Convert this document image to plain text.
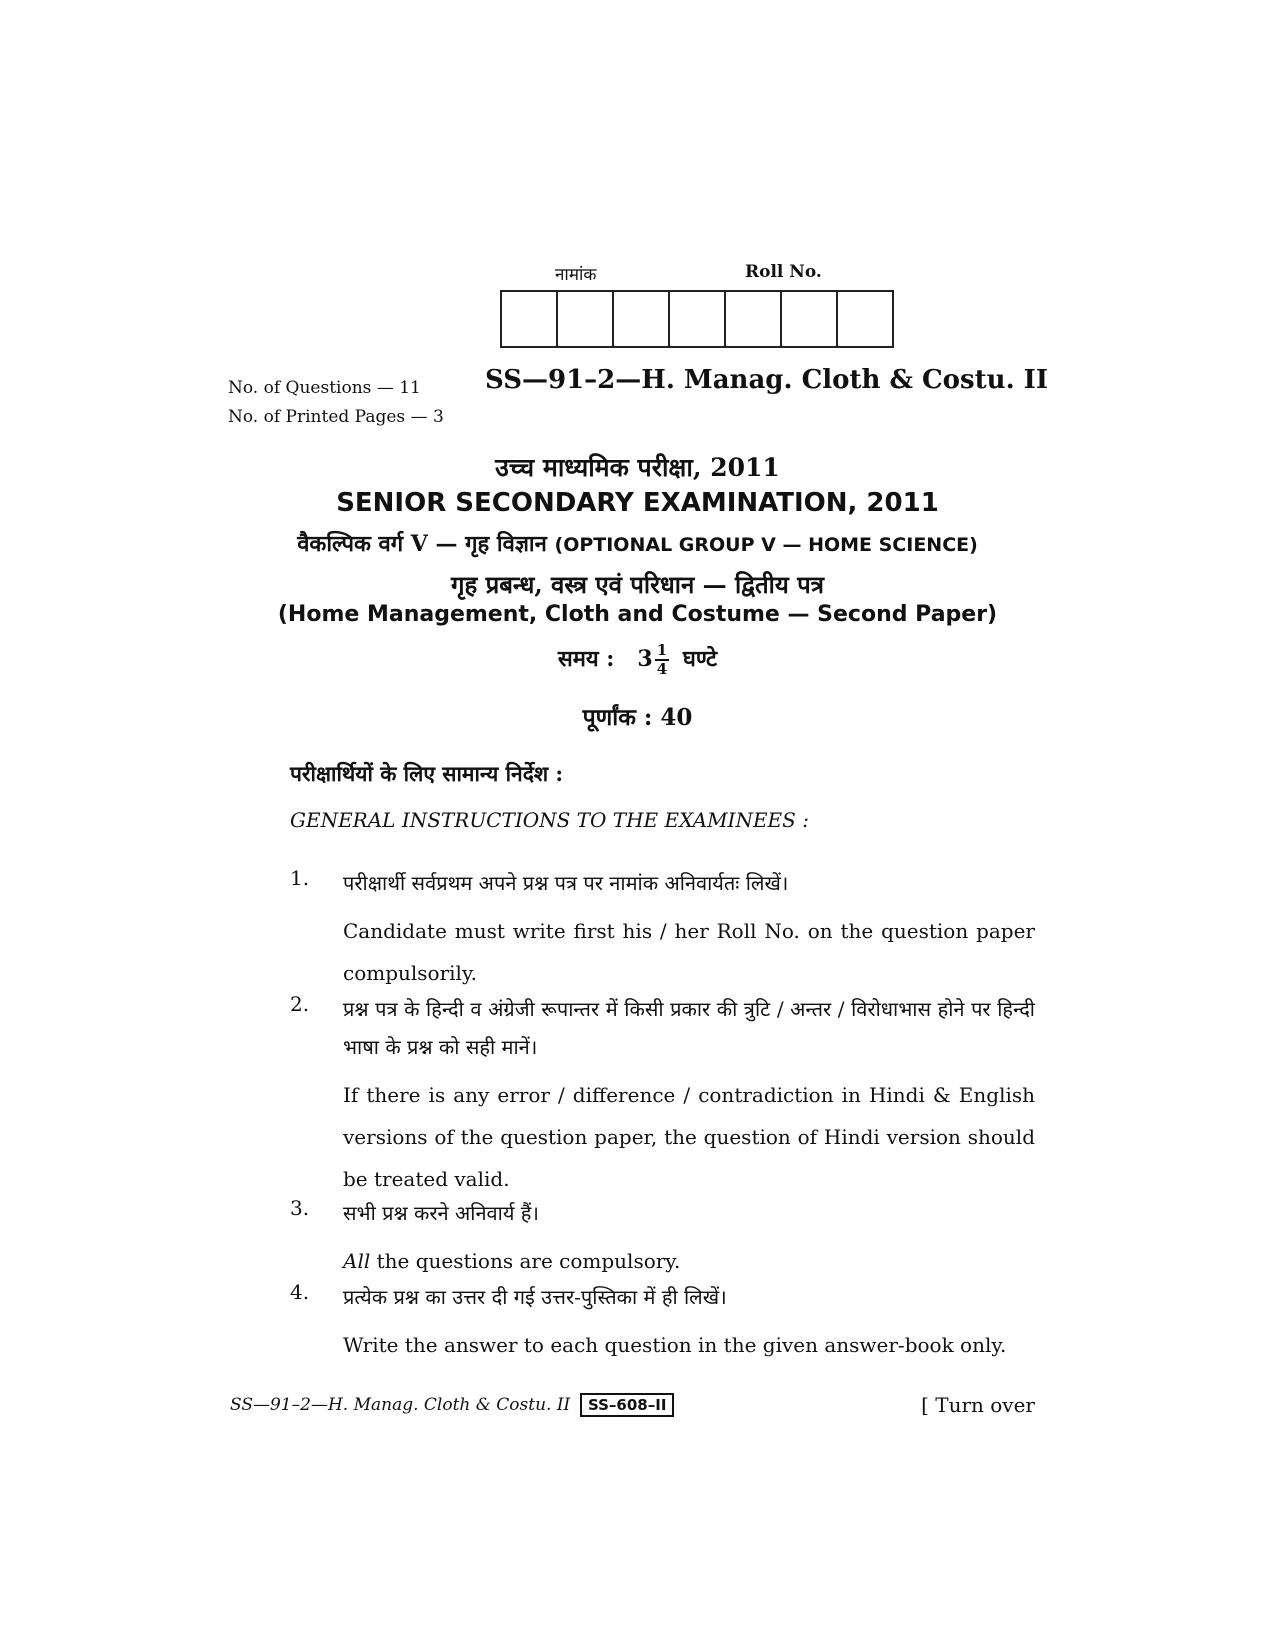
नामांक	Roll No.
No. of Questions — 11
No. of Printed Pages — 3
SS—91–2—H. Manag. Cloth & Costu. II
उच्च माध्यमिक परीक्षा, 2011
SENIOR SECONDARY EXAMINATION, 2011
वैकल्पिक वर्ग V — गृह विज्ञान (OPTIONAL GROUP V — HOME SCIENCE)
गृह प्रबन्ध, वस्त्र एवं परिधान — द्वितीय पत्र
(Home Management, Cloth and Costume — Second Paper)
समय : $3 \frac{1}{4}$ घण्टे
पूर्णांक : 40
परीक्षार्थियों के लिए सामान्य निर्देश :
GENERAL INSTRUCTIONS TO THE EXAMINEES :
1. परीक्षार्थी सर्वप्रथम अपने प्रश्न पत्र पर नामांक अनिवार्यतः लिखें।
Candidate must write first his / her Roll No. on the question paper compulsorily.
2. प्रश्न पत्र के हिन्दी व अंग्रेजी रूपान्तर में किसी प्रकार की त्रुटि / अन्तर / विरोधाभास होने पर हिन्दी भाषा के प्रश्न को सही मानें।
If there is any error / difference / contradiction in Hindi & English versions of the question paper, the question of Hindi version should be treated valid.
3. सभी प्रश्न करने अनिवार्य हैं।
All the questions are compulsory.
4. प्रत्येक प्रश्न का उत्तर दी गई उत्तर-पुस्तिका में ही लिखें।
Write the answer to each question in the given answer-book only.
SS—91–2—H. Manag. Cloth & Costu. II	SS–608–II	[ Turn over
